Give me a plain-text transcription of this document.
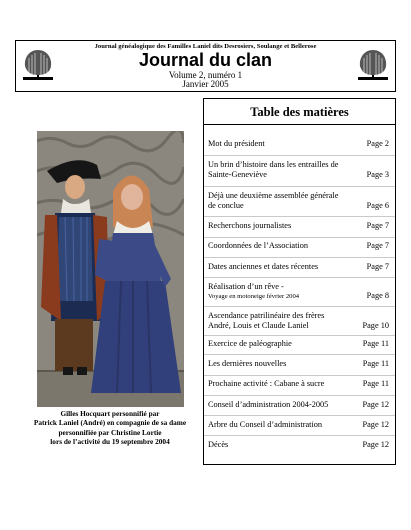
Journal généalogique des Familles Laniel dits Desrosiers, Soulange et Bellerose
Journal du clan
Volume 2, numéro 1
Janvier 2005
Gilles Hocquart personnifié par
Patrick Laniel (André) en compagnie de sa dame
personnifiée par Christine Lortie
lors de l’activité du 19 septembre 2004
Table des matières
Mot du président	Page 2
Un brin d’histoire dans les entrailles de
Sainte-Geneviève	Page 3
Déjà une deuxième assemblée générale
de conclue	Page 6
Recherchons journalistes	Page 7
Coordonnées de l’Association	Page 7
Dates anciennes et dates récentes	Page 7
Réalisation d’un rêve -
Voyage en motoneige février 2004	Page 8
Ascendance patrilinéaire des frères
André, Louis et Claude Laniel	Page 10
Exercice de paléographie	Page 11
Les dernières nouvelles	Page 11
Prochaine activité : Cabane à sucre	Page 11
Conseil d’administration 2004-2005	Page 12
Arbre du Conseil d’administration	Page 12
Décès	Page 12
